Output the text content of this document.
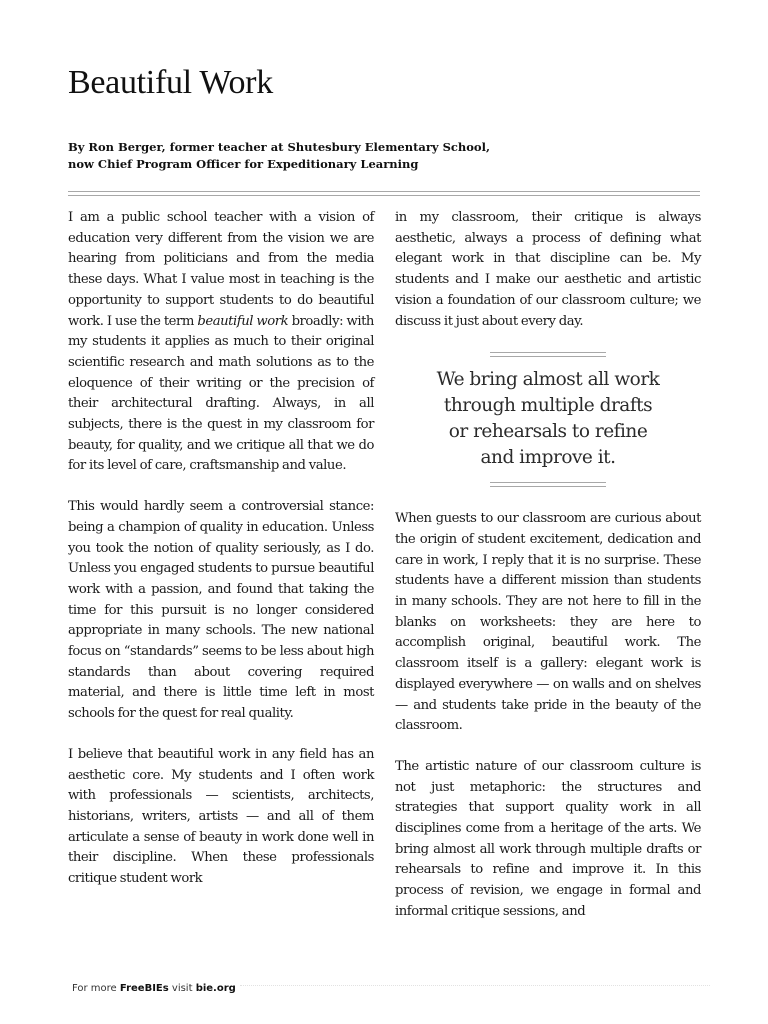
Beautiful Work
By Ron Berger, former teacher at Shutesbury Elementary School,
now Chief Program Officer for Expeditionary Learning

I am a public school teacher with a vision of education very different from the vision we are hearing from politicians and from the media these days. What I value most in teaching is the opportunity to support students to do beautiful work. I use the term beautiful work broadly: with my students it applies as much to their original scientific research and math solutions as to the eloquence of their writing or the precision of their architectural drafting. Always, in all subjects, there is the quest in my classroom for beauty, for quality, and we critique all that we do for its level of care, craftsmanship and value.

This would hardly seem a controversial stance: being a champion of quality in education. Unless you took the notion of quality seriously, as I do. Unless you engaged students to pursue beautiful work with a passion, and found that taking the time for this pursuit is no longer considered appropriate in many schools. The new national focus on “standards” seems to be less about high standards than about covering required material, and there is little time left in most schools for the quest for real quality.

I believe that beautiful work in any field has an aesthetic core. My students and I often work with professionals — scientists, architects, historians, writers, artists — and all of them articulate a sense of beauty in work done well in their discipline. When these professionals critique student work

in my classroom, their critique is always aesthetic, always a process of defining what elegant work in that discipline can be. My students and I make our aesthetic and artistic vision a foundation of our classroom culture; we discuss it just about every day.

We bring almost all work
through multiple drafts
or rehearsals to refine
and improve it.

When guests to our classroom are curious about the origin of student excitement, dedication and care in work, I reply that it is no surprise. These students have a different mission than students in many schools. They are not here to fill in the blanks on worksheets: they are here to accomplish original, beautiful work. The classroom itself is a gallery: elegant work is displayed everywhere — on walls and on shelves — and students take pride in the beauty of the classroom.

The artistic nature of our classroom culture is not just metaphoric: the structures and strategies that support quality work in all disciplines come from a heritage of the arts. We bring almost all work through multiple drafts or rehearsals to refine and improve it. In this process of revision, we engage in formal and informal critique sessions, and

For more FreeBIEs visit bie.org
